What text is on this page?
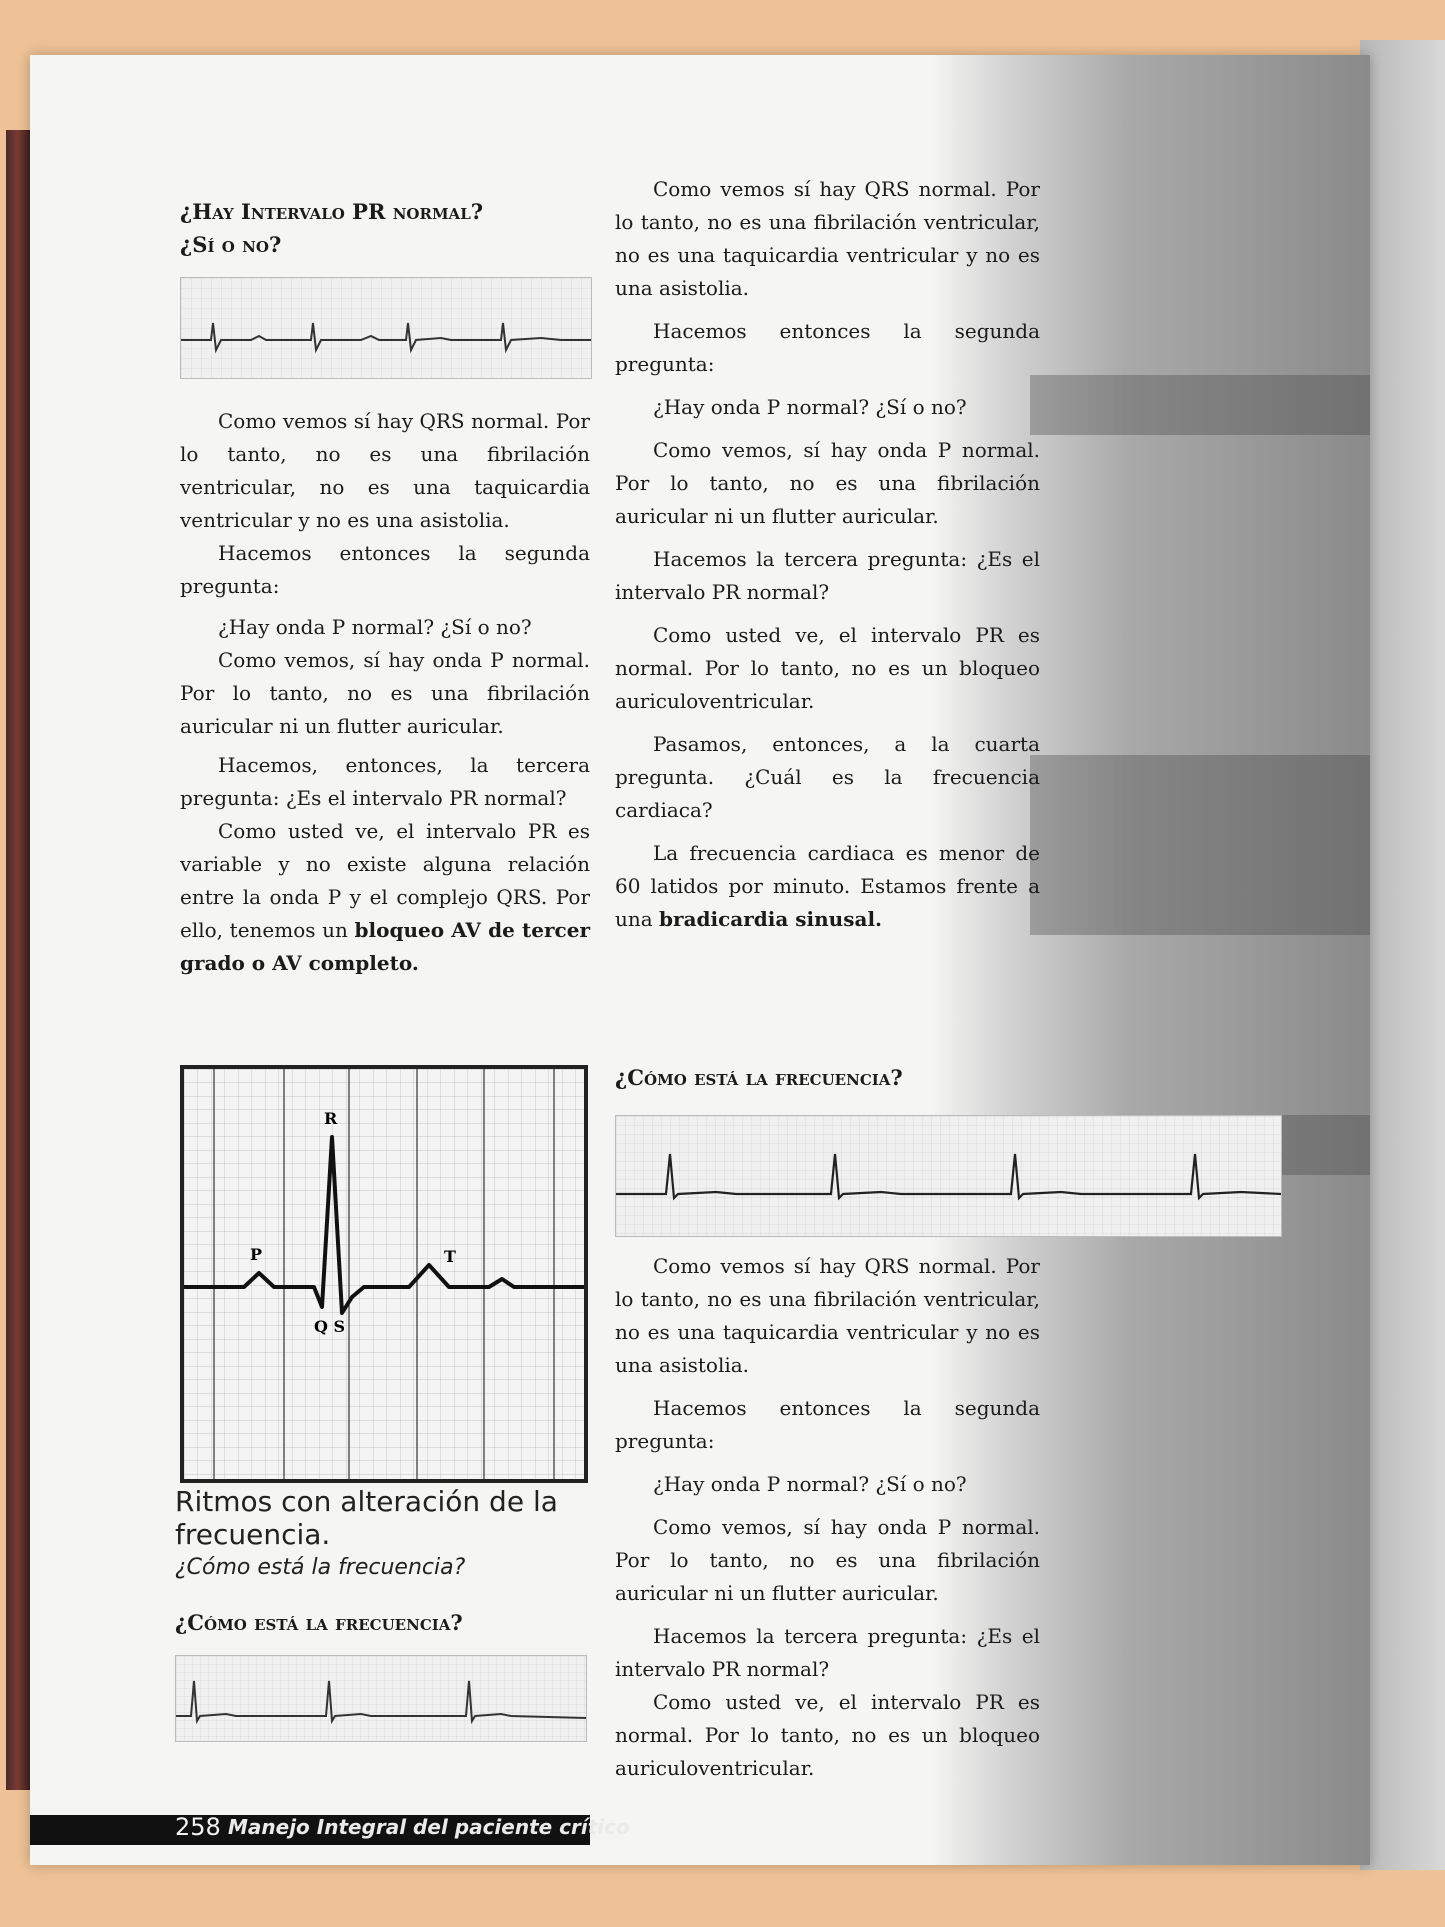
¿Hay Intervalo PR normal?
¿Sí o no?

Como vemos sí hay QRS normal. Por lo tanto, no es una fibrilación ventricular, no es una taquicardia ventricular y no es una asistolia.

Hacemos entonces la segunda pregunta:

¿Hay onda P normal? ¿Sí o no?

Como vemos, sí hay onda P normal. Por lo tanto, no es una fibrilación auricular ni un flutter auricular.

Hacemos, entonces, la tercera pregunta: ¿Es el intervalo PR normal?

Como usted ve, el intervalo PR es variable y no existe alguna relación entre la onda P y el complejo QRS. Por ello, tenemos un bloqueo AV de tercer grado o AV completo.

R
P	T
Q S
Ritmos con alteración de la frecuencia.
¿Cómo está la frecuencia?
¿Cómo está la frecuencia?

Como vemos sí hay QRS normal. Por lo tanto, no es una fibrilación ventricular, no es una taquicardia ventricular y no es una asistolia.

Hacemos entonces la segunda pregunta:

¿Hay onda P normal? ¿Sí o no?

Como vemos, sí hay onda P normal. Por lo tanto, no es una fibrilación auricular ni un flutter auricular.

Hacemos la tercera pregunta: ¿Es el intervalo PR normal?

Como usted ve, el intervalo PR es normal. Por lo tanto, no es un bloqueo auriculoventricular.

Pasamos, entonces, a la cuarta pregunta. ¿Cuál es la frecuencia cardiaca?

La frecuencia cardiaca es menor de 60 latidos por minuto. Estamos frente a una bradicardia sinusal.

¿Cómo está la frecuencia?

Como vemos sí hay QRS normal. Por lo tanto, no es una fibrilación ventricular, no es una taquicardia ventricular y no es una asistolia.

Hacemos entonces la segunda pregunta:

¿Hay onda P normal? ¿Sí o no?

Como vemos, sí hay onda P normal. Por lo tanto, no es una fibrilación auricular ni un flutter auricular.

Hacemos la tercera pregunta: ¿Es el intervalo PR normal?

Como usted ve, el intervalo PR es normal. Por lo tanto, no es un bloqueo auriculoventricular.

258 Manejo Integral del paciente crítico
